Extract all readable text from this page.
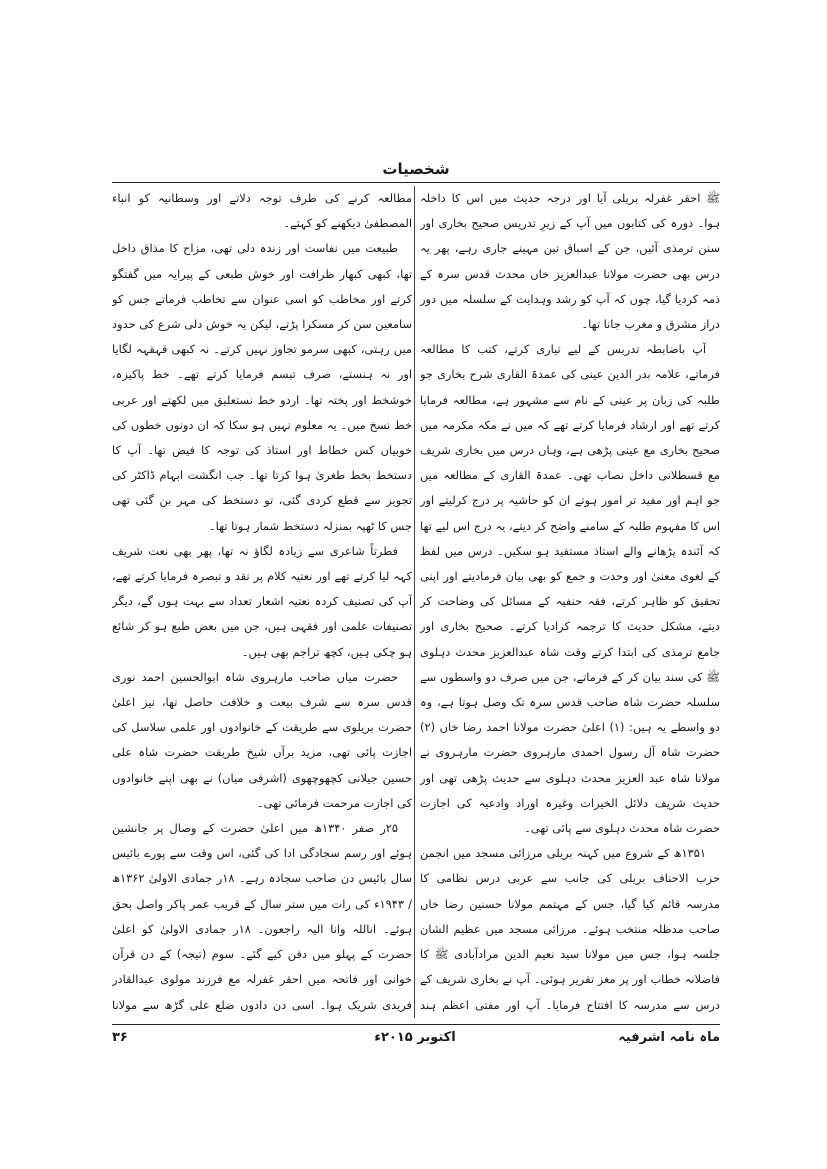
شخصیات

ﷺ احقر غفرلہ بریلی آیا اور درجہ حدیث میں اس کا داخلہ ہوا۔ دورہ کی کتابوں میں آپ کے زیرِ تدریس صحیح بخاری اور سنن ترمذی آئیں، جن کے اسباق تین مہینے جاری رہے، پھر یہ درس بھی حضرت مولانا عبدالعزیز خاں محدث قدس سرہ کے ذمہ کردیا گیا، چوں کہ آپ کو رشد وہدایت کے سلسلہ میں دور دراز مشرق و مغرب جانا تھا۔

آپ باضابطہ تدریس کے لیے تیاری کرتے، کتب کا مطالعہ فرماتے، علامہ بدر الدین عینی کی عمدۃ القاری شرح بخاری جو طلبہ کی زبان پر عینی کے نام سے مشہور ہے، مطالعہ فرمایا کرتے تھے اور ارشاد فرمایا کرتے تھے کہ میں نے مکہ مکرمہ میں صحیح بخاری مع عینی پڑھی ہے، وہاں درس میں بخاری شریف مع قسطلانی داخل نصاب تھی۔ عمدۃ القاری کے مطالعہ میں جو اہم اور مفید تر امور ہوتے ان کو حاشیہ پر درج کرلیتے اور اس کا مفہوم طلبہ کے سامنے واضح کر دیتے، یہ درج اس لیے تھا کہ آئندہ پڑھانے والے استاذ مستفید ہو سکیں۔ درس میں لفظ کے لغوی معنیٰ اور وحدت و جمع کو بھی بیان فرمادیتے اور اپنی تحقیق کو ظاہر کرتے، فقہ حنفیہ کے مسائل کی وضاحت کر دیتے، مشکل حدیث کا ترجمہ کرادیا کرتے۔ صحیح بخاری اور جامع ترمذی کی ابتدا کرتے وقت شاہ عبدالعزیز محدث دہلوی ﷺ کی سند بیان کر کے فرماتے، جن میں صرف دو واسطوں سے سلسلہ حضرت شاہ صاحب قدس سرہ تک وصل ہوتا ہے، وہ دو واسطے یہ ہیں: (۱) اعلیٰ حضرت مولانا احمد رضا خاں (۲) حضرت شاہ آل رسول احمدی مارہروی حضرت مارہروی نے مولانا شاہ عبد العزیز محدث دہلوی سے حدیث پڑھی تھی اور حدیث شریف دلائل الخیرات وغیرہ اوراد وادعیہ کی اجازت حضرت شاہ محدث دہلوی سے پائی تھی۔

۱۳۵۱ھ کے شروع میں کہنہ بریلی مرزائی مسجد میں انجمن حزب الاحناف بریلی کی جانب سے عربی درس نظامی کا مدرسہ قائم کیا گیا، جس کے مہتمم مولانا حسنین رضا خاں صاحب مدظلہ منتخب ہوئے۔ مرزائی مسجد میں عظیم الشان جلسہ ہوا، جس میں مولانا سید نعیم الدین مرادآبادی ﷺ کا فاضلانہ خطاب اور پر مغز تقریر ہوئی۔ آپ نے بخاری شریف کے درس سے مدرسہ کا افتتاح فرمایا۔ آپ اور مفتی اعظم ہند

مطالعہ کرنے کی طرف توجہ دلاتے اور وسطانیہ کو انباء المصطفیٰ دیکھنے کو کہتے۔

طبیعت میں نفاست اور زندہ دلی تھی، مزاح کا مذاق داخل تھا، کبھی کبھار ظرافت اور خوش طبعی کے پیرایہ میں گفتگو کرتے اور مخاطب کو اسی عنوان سے تخاطب فرماتے جس کو سامعین سن کر مسکرا پڑتے، لیکن یہ خوش دلی شرع کی حدود میں رہتی، کبھی سرمو تجاوز نہیں کرتے۔ نہ کبھی قہقہہ لگایا اور نہ ہنستے، صرف تبسم فرمایا کرتے تھے۔ خط پاکیزہ، خوشخط اور پختہ تھا۔ اردو خط نستعلیق میں لکھتے اور عربی خط نسخ میں۔ یہ معلوم نہیں ہو سکا کہ ان دونوں خطوں کی خوبیاں کس خطاط اور استاذ کی توجہ کا فیض تھا۔ آپ کا دستخط بخط طغریٰ ہوا کرتا تھا۔ جب انگشت ابہام ڈاکٹر کی تجویز سے قطع کردی گئی، تو دستخط کی مہر بن گئی تھی جس کا ٹھپہ بمنزلہ دستخط شمار ہوتا تھا۔

فطرتاً شاعری سے زیادہ لگاؤ نہ تھا، پھر بھی نعت شریف کہہ لیا کرتے تھے اور نعتیہ کلام پر نقد و تبصرہ فرمایا کرتے تھے، آپ کی تصنیف کردہ نعتیہ اشعار تعداد سے بہت ہوں گے، دیگر تصنیفات علمی اور فقہی ہیں، جن میں بعض طبع ہو کر شائع ہو چکی ہیں، کچھ تراجم بھی ہیں۔

حضرت میاں صاحب مارہروی شاہ ابوالحسین احمد نوری قدس سرہ سے شرف بیعت و خلافت حاصل تھا، نیز اعلیٰ حضرت بریلوی سے طریقت کے خانوادوں اور علمی سلاسل کی اجازت پائی تھی، مزید برآں شیخ طریقت حضرت شاہ علی حسین جیلانی کچھوچھوی (اشرفی میاں) نے بھی اپنے خانوادوں کی اجازت مرحمت فرمائی تھی۔

۲۵ر صفر ۱۳۴۰ھ میں اعلیٰ حضرت کے وصال پر جانشین ہوئے اور رسم سجادگی ادا کی گئی، اس وقت سے پورے بائیس سال بائیس دن صاحب سجادہ رہے۔ ۱۸ر جمادی الاولیٰ ۱۳۶۲ھ / ۱۹۴۳ء کی رات میں ستر سال کے قریب عمر پاکر واصل بحق ہوئے۔ اناللہ وانا الیہ راجعون۔ ۱۸ر جمادی الاولیٰ کو اعلیٰ حضرت کے پہلو میں دفن کیے گئے۔ سوم (تیجہ) کے دن قرآن خوانی اور فاتحہ میں احقر غفرلہ مع فرزند مولوی عبدالقادر فریدی شریک ہوا۔ اسی دن دادوں ضلع علی گڑھ سے مولانا

ماہ نامہ اشرفیہ
اکتوبر ۲۰۱۵ء
۳۶
